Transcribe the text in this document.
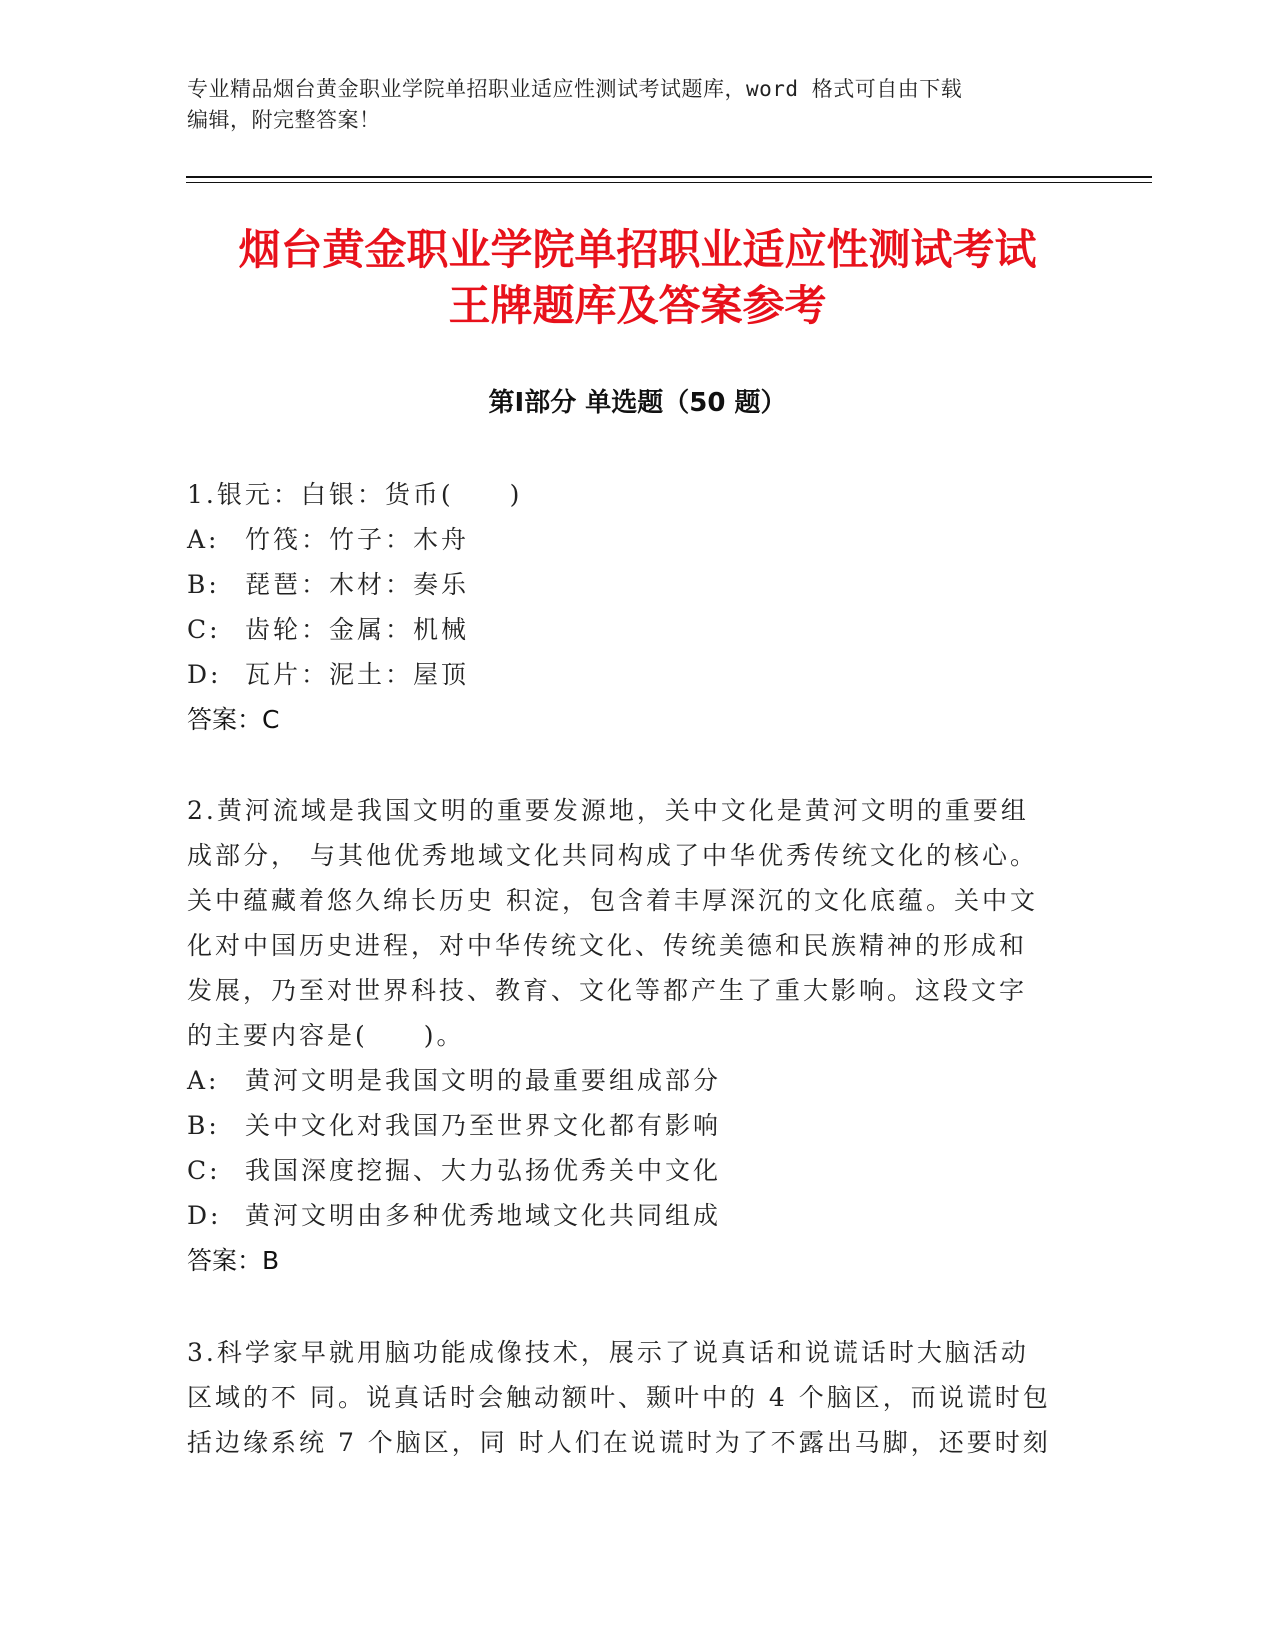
专业精品烟台黄金职业学院单招职业适应性测试考试题库，word 格式可自由下载
编辑，附完整答案！
烟台黄金职业学院单招职业适应性测试考试
王牌题库及答案参考
第Ⅰ部分 单选题（50 题）

1.银元：白银：货币(　　)

A:	竹筏：竹子：木舟

B:	琵琶：木材：奏乐

C: 齿轮：金属：机械

D: 瓦片：泥土：屋顶

答案：C

2.黄河流域是我国文明的重要发源地，关中文化是黄河文明的重要组

成部分， 与其他优秀地域文化共同构成了中华优秀传统文化的核心。

关中蕴藏着悠久绵长历史 积淀，包含着丰厚深沉的文化底蕴。关中文

化对中国历史进程，对中华传统文化、传统美德和民族精神的形成和

发展，乃至对世界科技、教育、文化等都产生了重大影响。这段文字

的主要内容是(　　)。

A:	黄河文明是我国文明的最重要组成部分

B:	关中文化对我国乃至世界文化都有影响

C: 我国深度挖掘、大力弘扬优秀关中文化

D: 黄河文明由多种优秀地域文化共同组成

答案：B

3.科学家早就用脑功能成像技术，展示了说真话和说谎话时大脑活动

区域的不 同。说真话时会触动额叶、颞叶中的 4 个脑区，而说谎时包

括边缘系统 7 个脑区，同 时人们在说谎时为了不露出马脚，还要时刻
